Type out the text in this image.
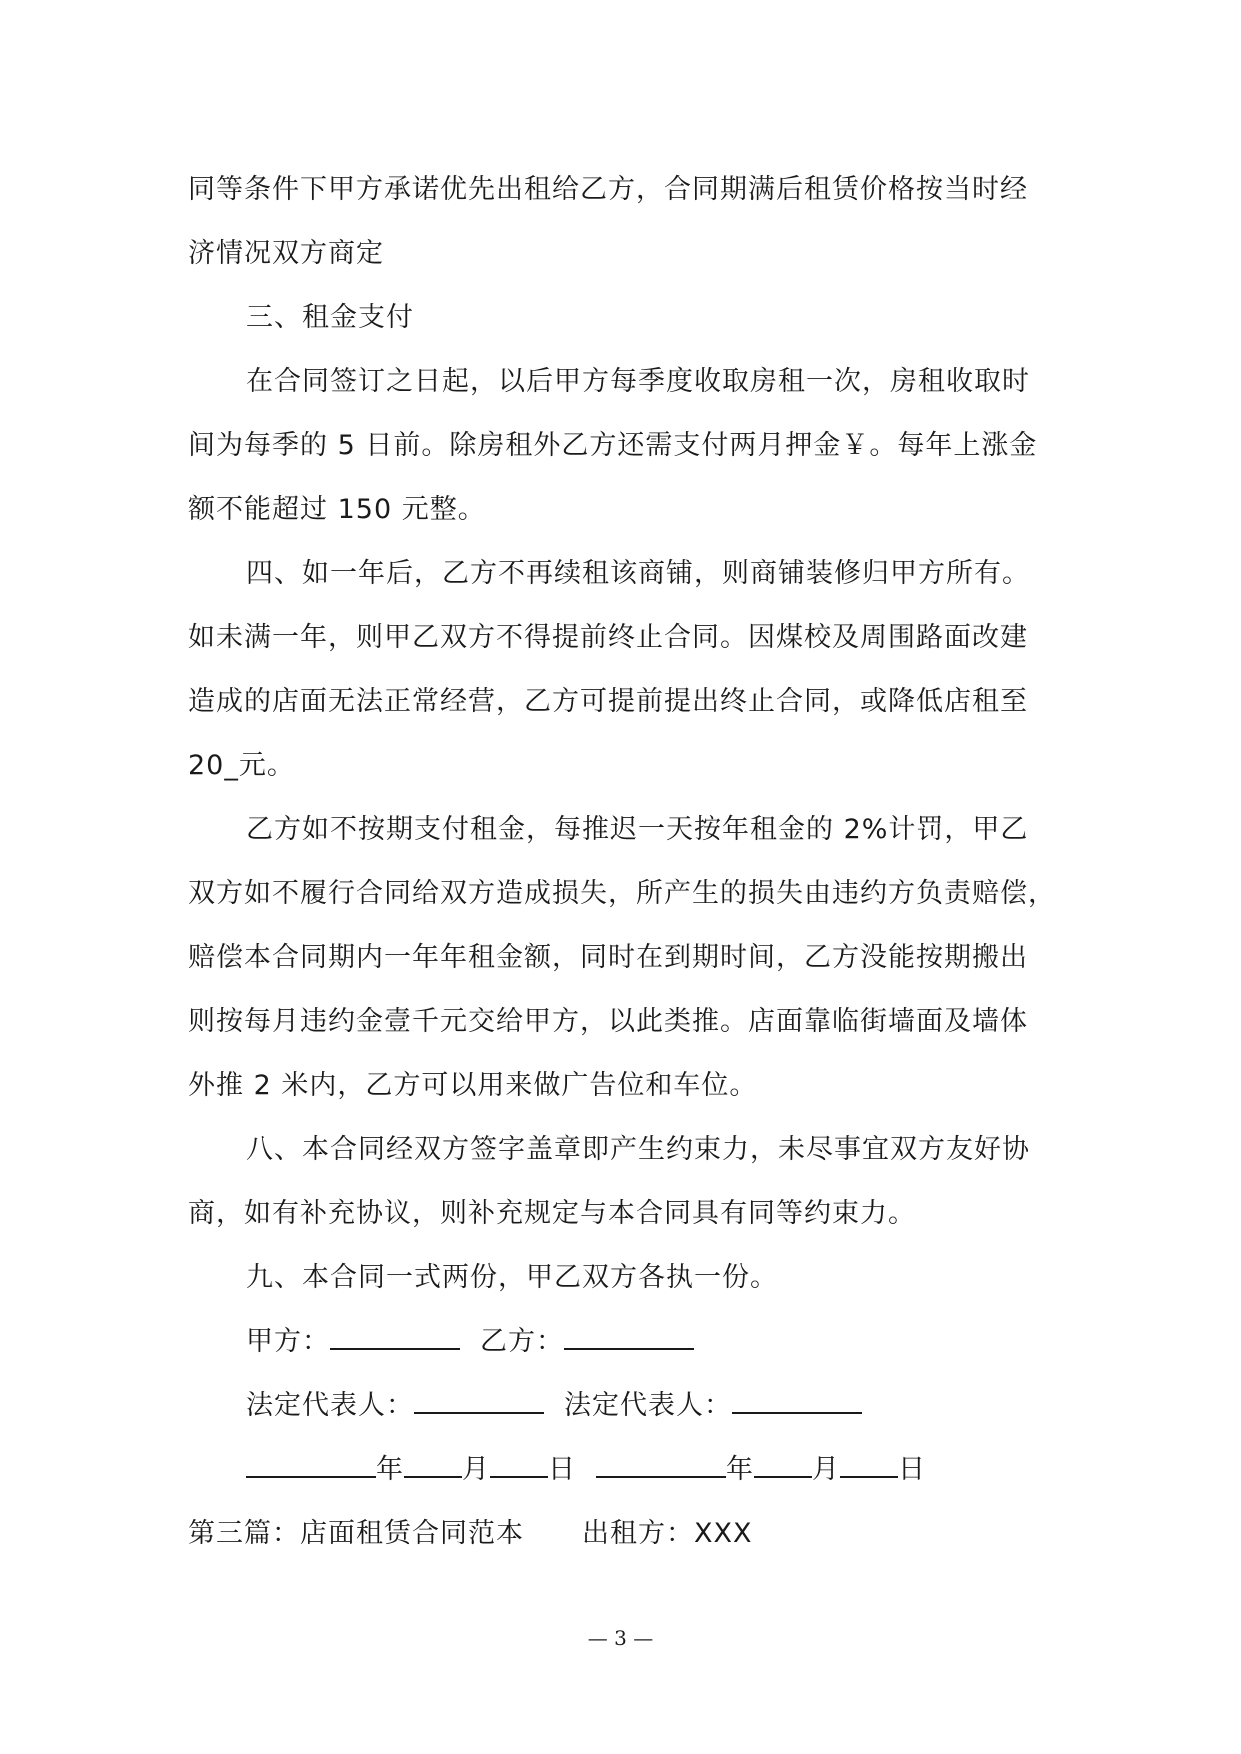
同等条件下甲方承诺优先出租给乙方，合同期满后租赁价格按当时经
济情况双方商定
三、租金支付
在合同签订之日起，以后甲方每季度收取房租一次，房租收取时
间为每季的 5 日前。除房租外乙方还需支付两月押金￥。每年上涨金
额不能超过 150 元整。
四、如一年后，乙方不再续租该商铺，则商铺装修归甲方所有。
如未满一年，则甲乙双方不得提前终止合同。因煤校及周围路面改建
造成的店面无法正常经营，乙方可提前提出终止合同，或降低店租至
20_元。
乙方如不按期支付租金，每推迟一天按年租金的 2%计罚，甲乙
双方如不履行合同给双方造成损失，所产生的损失由违约方负责赔偿，
赔偿本合同期内一年年租金额，同时在到期时间，乙方没能按期搬出
则按每月违约金壹千元交给甲方，以此类推。店面靠临街墙面及墙体
外推 2 米内，乙方可以用来做广告位和车位。
八、本合同经双方签字盖章即产生约束力，未尽事宜双方友好协
商，如有补充协议，则补充规定与本合同具有同等约束力。
九、本合同一式两份，甲乙双方各执一份。
甲方：	乙方：
法定代表人：	法定代表人：
年 月 日	年 月 日
第三篇：店面租赁合同范本 出租方：XXX
— 3 —
